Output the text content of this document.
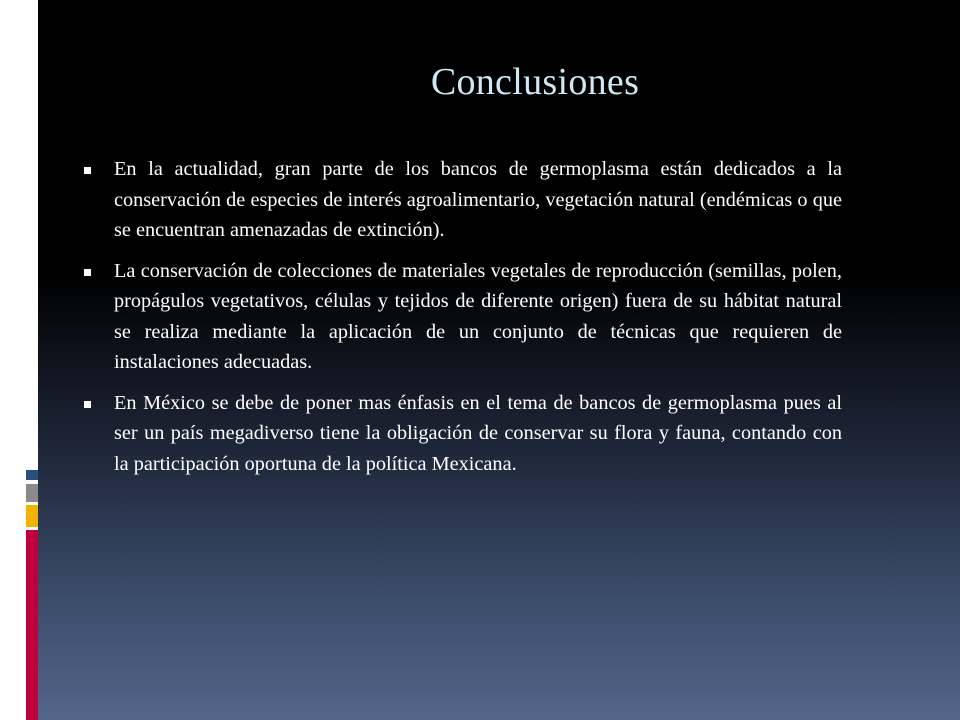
Conclusiones
En la actualidad, gran parte de los bancos de germoplasma están dedicados a la conservación de especies de interés agroalimentario, vegetación natural (endémicas o que se encuentran amenazadas de extinción).
La conservación de colecciones de materiales vegetales de reproducción (semillas, polen, propágulos vegetativos, células y tejidos de diferente origen) fuera de su hábitat natural se realiza mediante la aplicación de un conjunto de técnicas que requieren de instalaciones adecuadas.
En México se debe de poner mas énfasis en el tema de bancos de germoplasma pues al ser un país megadiverso tiene la obligación de conservar su flora y fauna, contando con la participación oportuna de la política Mexicana.
